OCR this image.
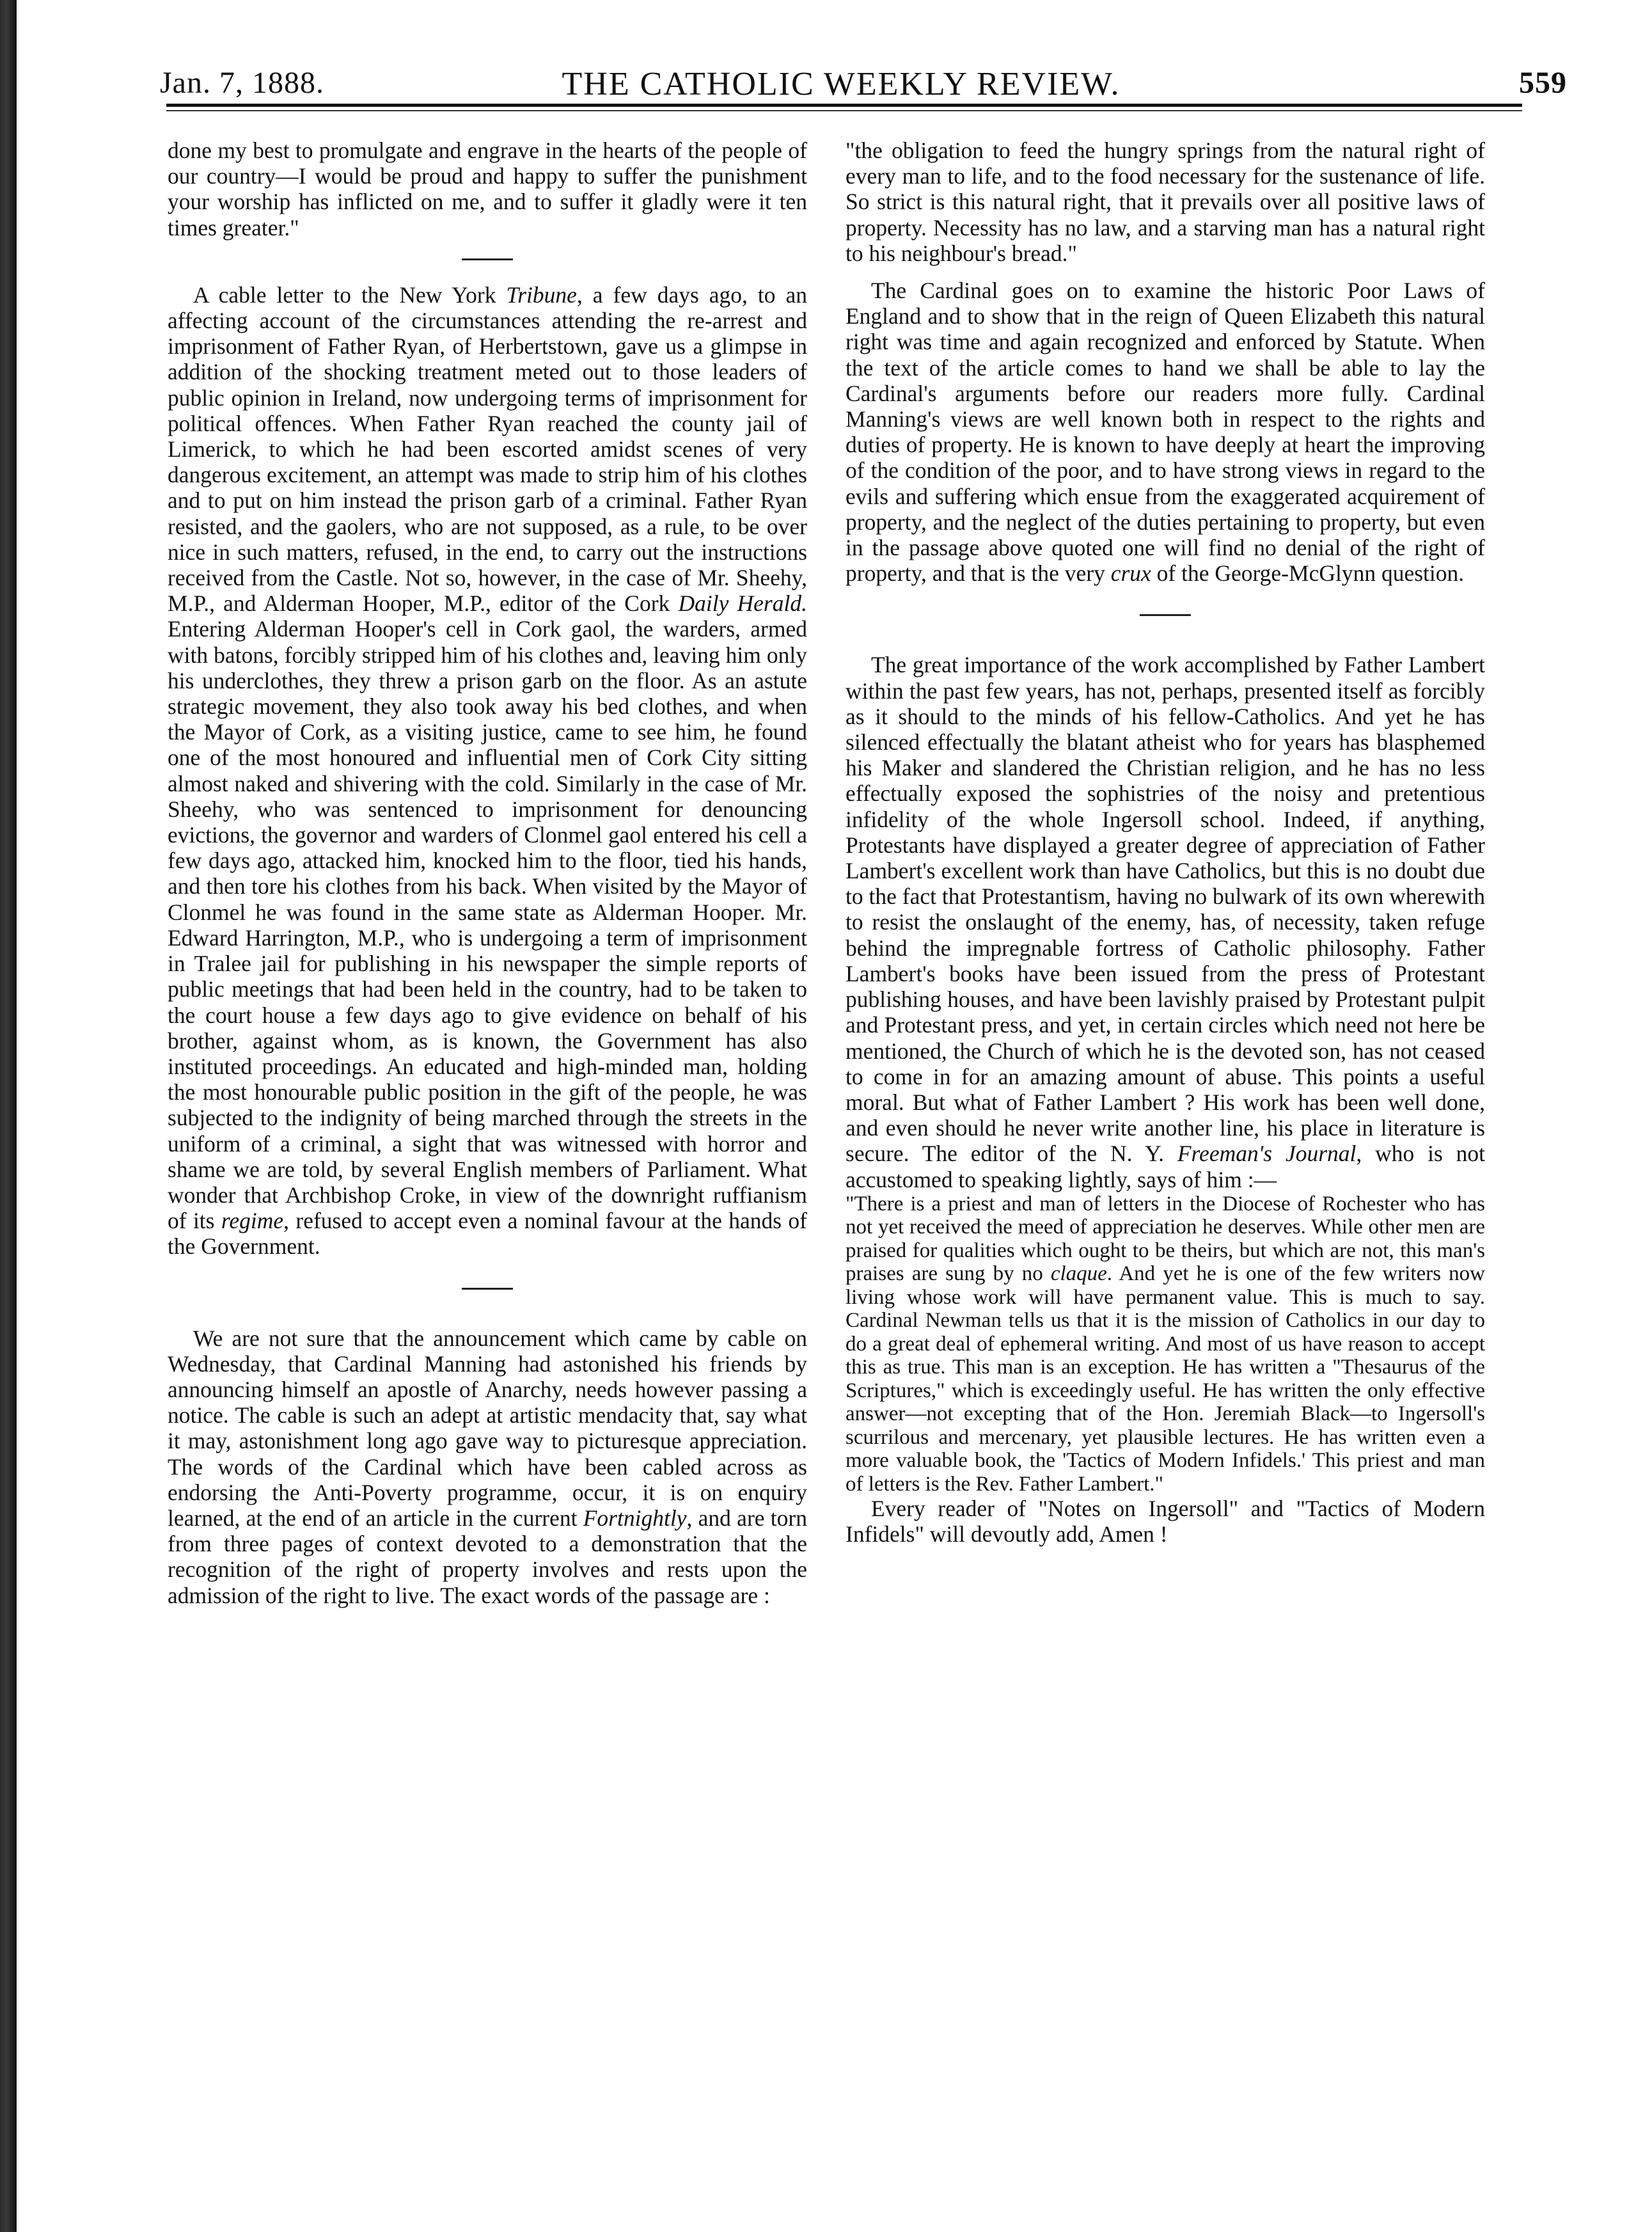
Jan. 7, 1888.	THE CATHOLIC WEEKLY REVIEW.	559

done my best to promulgate and engrave in the hearts of the people of our country—I would be proud and happy to suffer the punishment your worship has inflicted on me, and to suffer it gladly were it ten times greater."

A cable letter to the New York Tribune, a few days ago, to an affecting account of the circumstances attending the re-arrest and imprisonment of Father Ryan, of Herbertstown, gave us a glimpse in addition of the shocking treatment meted out to those leaders of public opinion in Ireland, now undergoing terms of imprisonment for political offences. When Father Ryan reached the county jail of Limerick, to which he had been escorted amidst scenes of very dangerous excitement, an attempt was made to strip him of his clothes and to put on him instead the prison garb of a criminal. Father Ryan resisted, and the gaolers, who are not supposed, as a rule, to be over nice in such matters, refused, in the end, to carry out the instructions received from the Castle. Not so, however, in the case of Mr. Sheehy, M.P., and Alderman Hooper, M.P., editor of the Cork Daily Herald. Entering Alderman Hooper's cell in Cork gaol, the warders, armed with batons, forcibly stripped him of his clothes and, leaving him only his underclothes, they threw a prison garb on the floor. As an astute strategic movement, they also took away his bed clothes, and when the Mayor of Cork, as a visiting justice, came to see him, he found one of the most honoured and influential men of Cork City sitting almost naked and shivering with the cold. Similarly in the case of Mr. Sheehy, who was sentenced to imprisonment for denouncing evictions, the governor and warders of Clonmel gaol entered his cell a few days ago, attacked him, knocked him to the floor, tied his hands, and then tore his clothes from his back. When visited by the Mayor of Clonmel he was found in the same state as Alderman Hooper. Mr. Edward Harrington, M.P., who is undergoing a term of imprisonment in Tralee jail for publishing in his newspaper the simple reports of public meetings that had been held in the country, had to be taken to the court house a few days ago to give evidence on behalf of his brother, against whom, as is known, the Government has also instituted proceedings. An educated and high-minded man, holding the most honourable public position in the gift of the people, he was subjected to the indignity of being marched through the streets in the uniform of a criminal, a sight that was witnessed with horror and shame we are told, by several English members of Parliament. What wonder that Archbishop Croke, in view of the downright ruffianism of its regime, refused to accept even a nominal favour at the hands of the Government.

We are not sure that the announcement which came by cable on Wednesday, that Cardinal Manning had astonished his friends by announcing himself an apostle of Anarchy, needs however passing a notice. The cable is such an adept at artistic mendacity that, say what it may, astonishment long ago gave way to picturesque appreciation. The words of the Cardinal which have been cabled across as endorsing the Anti-Poverty programme, occur, it is on enquiry learned, at the end of an article in the current Fortnightly, and are torn from three pages of context devoted to a demonstration that the recognition of the right of property involves and rests upon the admission of the right to live. The exact words of the passage are :

"the obligation to feed the hungry springs from the natural right of every man to life, and to the food necessary for the sustenance of life. So strict is this natural right, that it prevails over all positive laws of property. Necessity has no law, and a starving man has a natural right to his neighbour's bread."

The Cardinal goes on to examine the historic Poor Laws of England and to show that in the reign of Queen Elizabeth this natural right was time and again recognized and enforced by Statute. When the text of the article comes to hand we shall be able to lay the Cardinal's arguments before our readers more fully. Cardinal Manning's views are well known both in respect to the rights and duties of property. He is known to have deeply at heart the improving of the condition of the poor, and to have strong views in regard to the evils and suffering which ensue from the exaggerated acquirement of property, and the neglect of the duties pertaining to property, but even in the passage above quoted one will find no denial of the right of property, and that is the very crux of the George-McGlynn question.

The great importance of the work accomplished by Father Lambert within the past few years, has not, perhaps, presented itself as forcibly as it should to the minds of his fellow-Catholics. And yet he has silenced effectually the blatant atheist who for years has blasphemed his Maker and slandered the Christian religion, and he has no less effectually exposed the sophistries of the noisy and pretentious infidelity of the whole Ingersoll school. Indeed, if anything, Protestants have displayed a greater degree of appreciation of Father Lambert's excellent work than have Catholics, but this is no doubt due to the fact that Protestantism, having no bulwark of its own wherewith to resist the onslaught of the enemy, has, of necessity, taken refuge behind the impregnable fortress of Catholic philosophy. Father Lambert's books have been issued from the press of Protestant publishing houses, and have been lavishly praised by Protestant pulpit and Protestant press, and yet, in certain circles which need not here be mentioned, the Church of which he is the devoted son, has not ceased to come in for an amazing amount of abuse. This points a useful moral. But what of Father Lambert ? His work has been well done, and even should he never write another line, his place in literature is secure. The editor of the N. Y. Freeman's Journal, who is not accustomed to speaking lightly, says of him :—

"There is a priest and man of letters in the Diocese of Rochester who has not yet received the meed of appreciation he deserves. While other men are praised for qualities which ought to be theirs, but which are not, this man's praises are sung by no claque. And yet he is one of the few writers now living whose work will have permanent value. This is much to say. Cardinal Newman tells us that it is the mission of Catholics in our day to do a great deal of ephemeral writing. And most of us have reason to accept this as true. This man is an exception. He has written a "Thesaurus of the Scriptures," which is exceedingly useful. He has written the only effective answer—not excepting that of the Hon. Jeremiah Black—to Ingersoll's scurrilous and mercenary, yet plausible lectures. He has written even a more valuable book, the 'Tactics of Modern Infidels.' This priest and man of letters is the Rev. Father Lambert."

Every reader of "Notes on Ingersoll" and "Tactics of Modern Infidels" will devoutly add, Amen !
